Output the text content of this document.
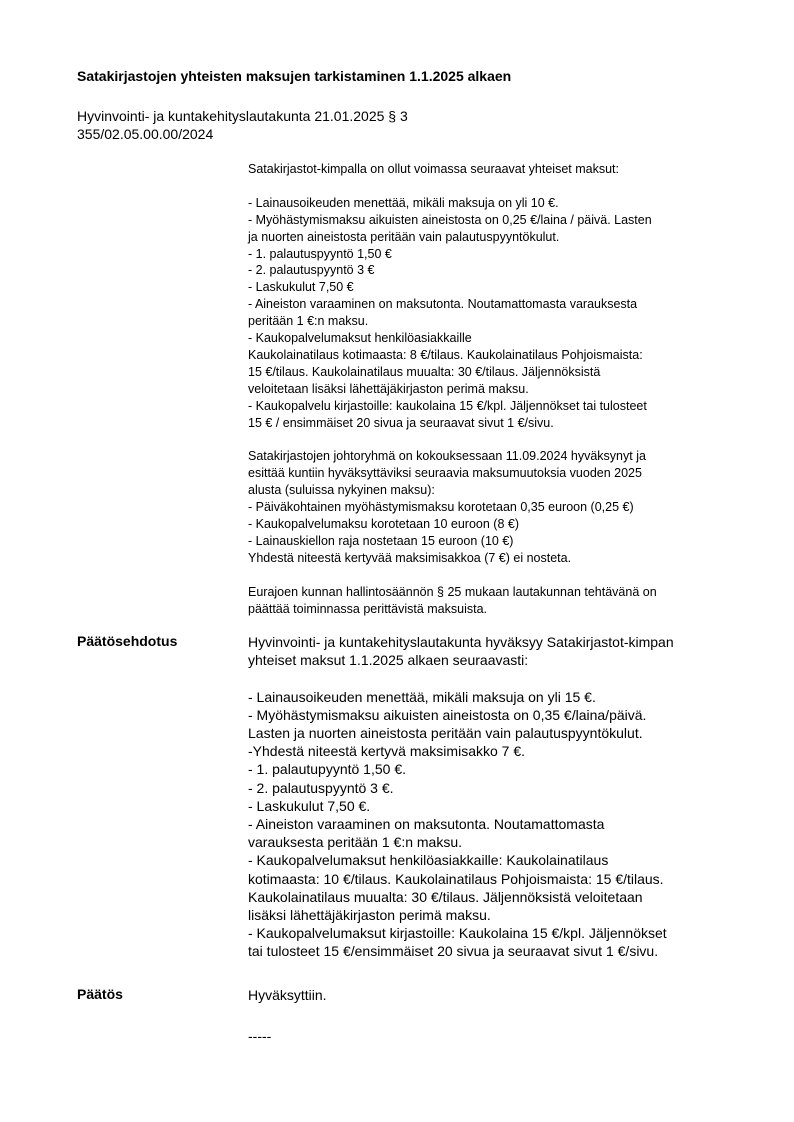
Satakirjastojen yhteisten maksujen tarkistaminen 1.1.2025 alkaen
Hyvinvointi- ja kuntakehityslautakunta 21.01.2025 § 3
355/02.05.00.00/2024
Satakirjastot-kimpalla on ollut voimassa seuraavat yhteiset maksut:
- Lainausoikeuden menettää, mikäli maksuja on yli 10 €.
- Myöhästymismaksu aikuisten aineistosta on 0,25 €/laina / päivä. Lasten
ja nuorten aineistosta peritään vain palautuspyyntökulut.
- 1. palautuspyyntö 1,50 €
- 2. palautuspyyntö 3 €
- Laskukulut 7,50 €
- Aineiston varaaminen on maksutonta. Noutamattomasta varauksesta
peritään 1 €:n maksu.
- Kaukopalvelumaksut henkilöasiakkaille
Kaukolainatilaus kotimaasta: 8 €/tilaus. Kaukolainatilaus Pohjoismaista:
15 €/tilaus. Kaukolainatilaus muualta: 30 €/tilaus. Jäljennöksistä
veloitetaan lisäksi lähettäjäkirjaston perimä maksu.
- Kaukopalvelu kirjastoille: kaukolaina 15 €/kpl. Jäljennökset tai tulosteet
15 € / ensimmäiset 20 sivua ja seuraavat sivut 1 €/sivu.
Satakirjastojen johtoryhmä on kokouksessaan 11.09.2024 hyväksynyt ja
esittää kuntiin hyväksyttäviksi seuraavia maksumuutoksia vuoden 2025
alusta (suluissa nykyinen maksu):
- Päiväkohtainen myöhästymismaksu korotetaan 0,35 euroon (0,25 €)
- Kaukopalvelumaksu korotetaan 10 euroon (8 €)
- Lainauskiellon raja nostetaan 15 euroon (10 €)
Yhdestä niteestä kertyvää maksimisakkoa (7 €) ei nosteta.
Eurajoen kunnan hallintosäännön § 25 mukaan lautakunnan tehtävänä on
päättää toiminnassa perittävistä maksuista.
Päätösehdotus	Hyvinvointi- ja kuntakehityslautakunta hyväksyy Satakirjastot-kimpan
yhteiset maksut 1.1.2025 alkaen seuraavasti:
- Lainausoikeuden menettää, mikäli maksuja on yli 15 €.
- Myöhästymismaksu aikuisten aineistosta on 0,35 €/laina/päivä.
Lasten ja nuorten aineistosta peritään vain palautuspyyntökulut.
-Yhdestä niteestä kertyvä maksimisakko 7 €.
- 1. palautupyyntö 1,50 €.
- 2. palautuspyyntö 3 €.
- Laskukulut 7,50 €.
- Aineiston varaaminen on maksutonta. Noutamattomasta
varauksesta peritään 1 €:n maksu.
- Kaukopalvelumaksut henkilöasiakkaille: Kaukolainatilaus
kotimaasta: 10 €/tilaus. Kaukolainatilaus Pohjoismaista: 15 €/tilaus.
Kaukolainatilaus muualta: 30 €/tilaus. Jäljennöksistä veloitetaan
lisäksi lähettäjäkirjaston perimä maksu.
- Kaukopalvelumaksut kirjastoille: Kaukolaina 15 €/kpl. Jäljennökset
tai tulosteet 15 €/ensimmäiset 20 sivua ja seuraavat sivut 1 €/sivu.
Päätös	Hyväksyttiin.
-----
